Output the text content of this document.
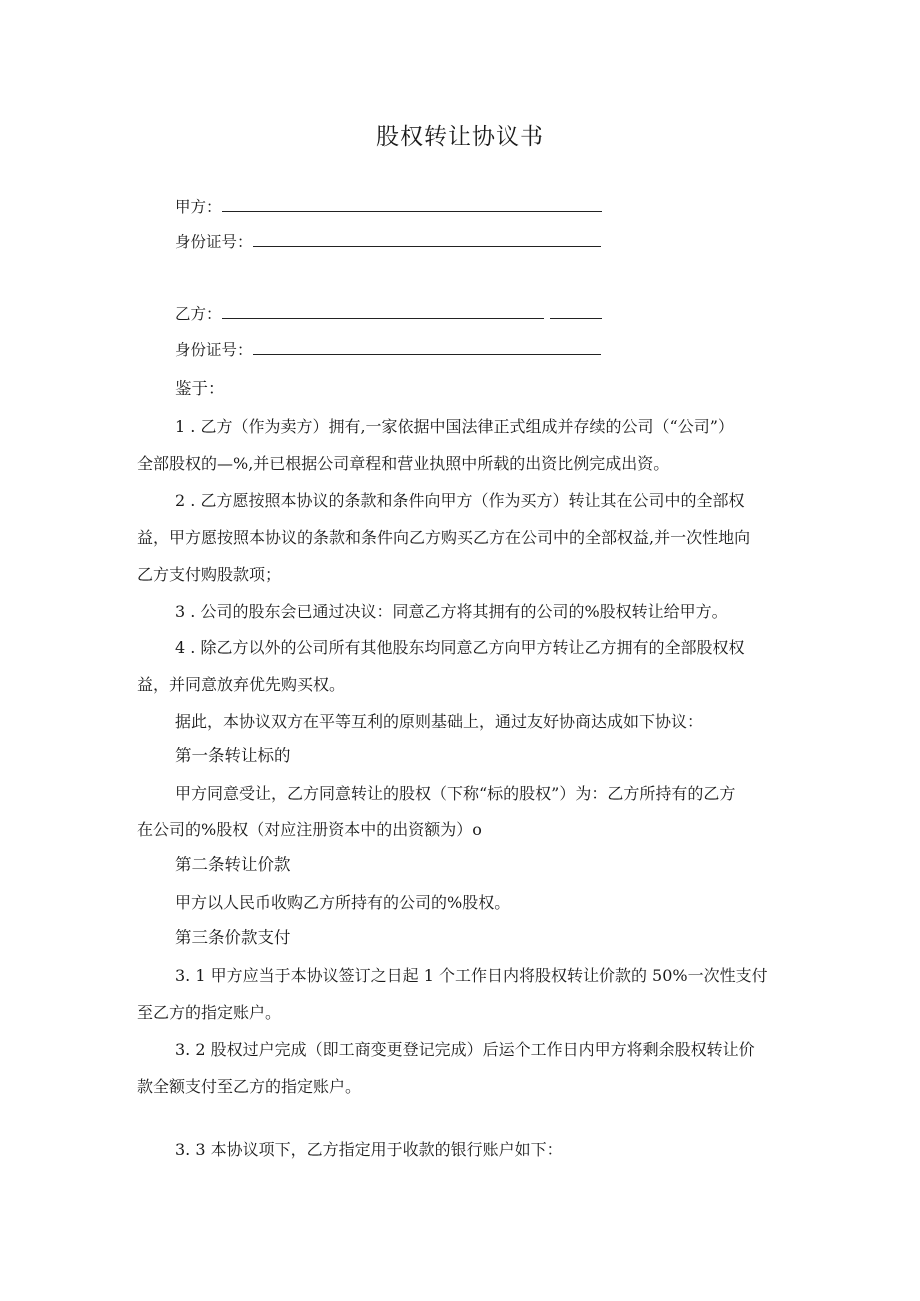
股权转让协议书
甲方：
身份证号：
乙方：
身份证号：
鉴于：
1 . 乙方（作为卖方）拥有,一家依据中国法律正式组成并存续的公司（“公司”）
全部股权的—%,并已根据公司章程和营业执照中所载的出资比例完成出资。
2 . 乙方愿按照本协议的条款和条件向甲方（作为买方）转让其在公司中的全部权
益，甲方愿按照本协议的条款和条件向乙方购买乙方在公司中的全部权益,并一次性地向
乙方支付购股款项；
3 . 公司的股东会已通过决议：同意乙方将其拥有的公司的%股权转让给甲方。
4 . 除乙方以外的公司所有其他股东均同意乙方向甲方转让乙方拥有的全部股权权
益，并同意放弃优先购买权。
据此，本协议双方在平等互利的原则基础上，通过友好协商达成如下协议：
第一条转让标的
甲方同意受让，乙方同意转让的股权（下称“标的股权”）为：乙方所持有的乙方
在公司的%股权（对应注册资本中的出资额为）o
第二条转让价款
甲方以人民币收购乙方所持有的公司的%股权。
第三条价款支付
3. 1 甲方应当于本协议签订之日起 1 个工作日内将股权转让价款的 50%一次性支付
至乙方的指定账户。
3. 2 股权过户完成（即工商变更登记完成）后运个工作日内甲方将剩余股权转让价
款全额支付至乙方的指定账户。
3. 3 本协议项下，乙方指定用于收款的银行账户如下：
